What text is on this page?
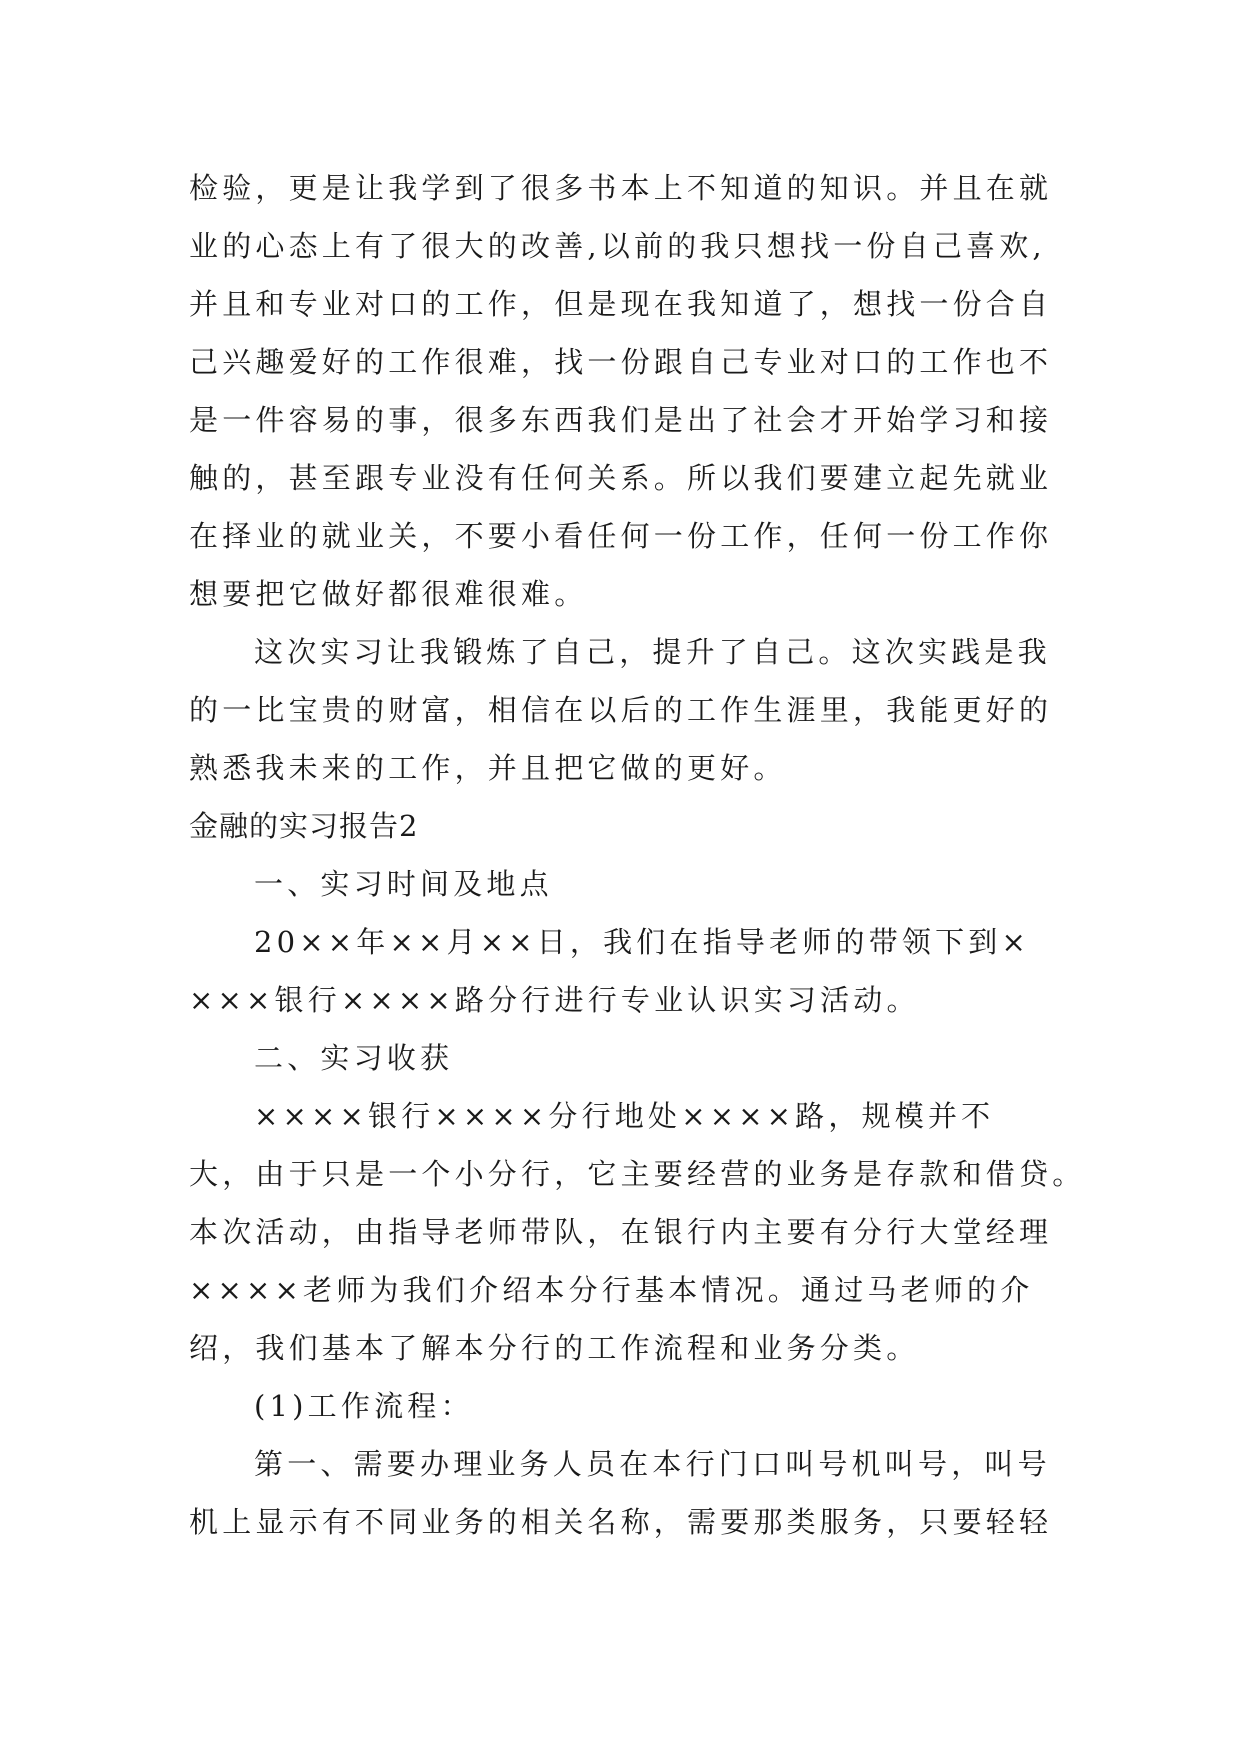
检验，更是让我学到了很多书本上不知道的知识。并且在就
业的心态上有了很大的改善,以前的我只想找一份自己喜欢,
并且和专业对口的工作，但是现在我知道了，想找一份合自
己兴趣爱好的工作很难，找一份跟自己专业对口的工作也不
是一件容易的事，很多东西我们是出了社会才开始学习和接
触的，甚至跟专业没有任何关系。所以我们要建立起先就业
在择业的就业关，不要小看任何一份工作，任何一份工作你
想要把它做好都很难很难。
这次实习让我锻炼了自己，提升了自己。这次实践是我
的一比宝贵的财富，相信在以后的工作生涯里，我能更好的
熟悉我未来的工作，并且把它做的更好。
金融的实习报告2
一、实习时间及地点
20××年××月××日，我们在指导老师的带领下到×
×××银行××××路分行进行专业认识实习活动。
二、实习收获
××××银行××××分行地处××××路，规模并不
大，由于只是一个小分行，它主要经营的业务是存款和借贷。
本次活动，由指导老师带队，在银行内主要有分行大堂经理
××××老师为我们介绍本分行基本情况。通过马老师的介
绍，我们基本了解本分行的工作流程和业务分类。
(1)工作流程：
第一、需要办理业务人员在本行门口叫号机叫号，叫号
机上显示有不同业务的相关名称，需要那类服务，只要轻轻
